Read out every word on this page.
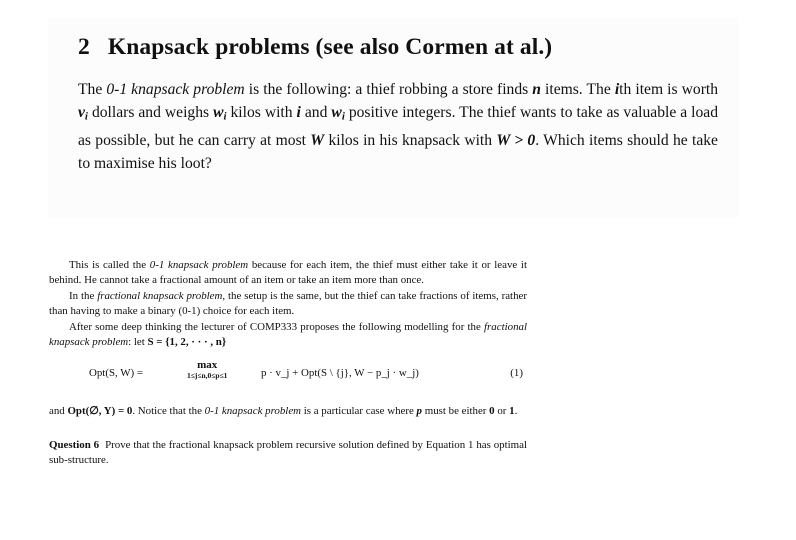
2 Knapsack problems (see also Cormen at al.)

The 0-1 knapsack problem is the following: a thief robbing a store finds n items. The ith item is worth $v_i$ dollars and weighs $w_i$ kilos with i and $w_i$ positive integers. The thief wants to take as valuable a load as possible, but he can carry at most W kilos in his knapsack with W > 0. Which items should he take to maximise his loot?

This is called the 0-1 knapsack problem because for each item, the thief must either take it or leave it behind. He cannot take a fractional amount of an item or take an item more than once.

In the fractional knapsack problem, the setup is the same, but the thief can take fractions of items, rather than having to make a binary (0-1) choice for each item.

After some deep thinking the lecturer of COMP333 proposes the following modelling for the fractional knapsack problem: let S = {1, 2, · · · , n}

Opt(S, W) =
max
1≤j≤n,0≤p≤1	p · v_j + Opt(S \ {j}, W − p_j · w_j)	(1)

and Opt(∅, Y) = 0. Notice that the 0-1 knapsack problem is a particular case where p must be either 0 or 1.

Question 6 Prove that the fractional knapsack problem recursive solution defined by Equation 1 has optimal sub-structure.
